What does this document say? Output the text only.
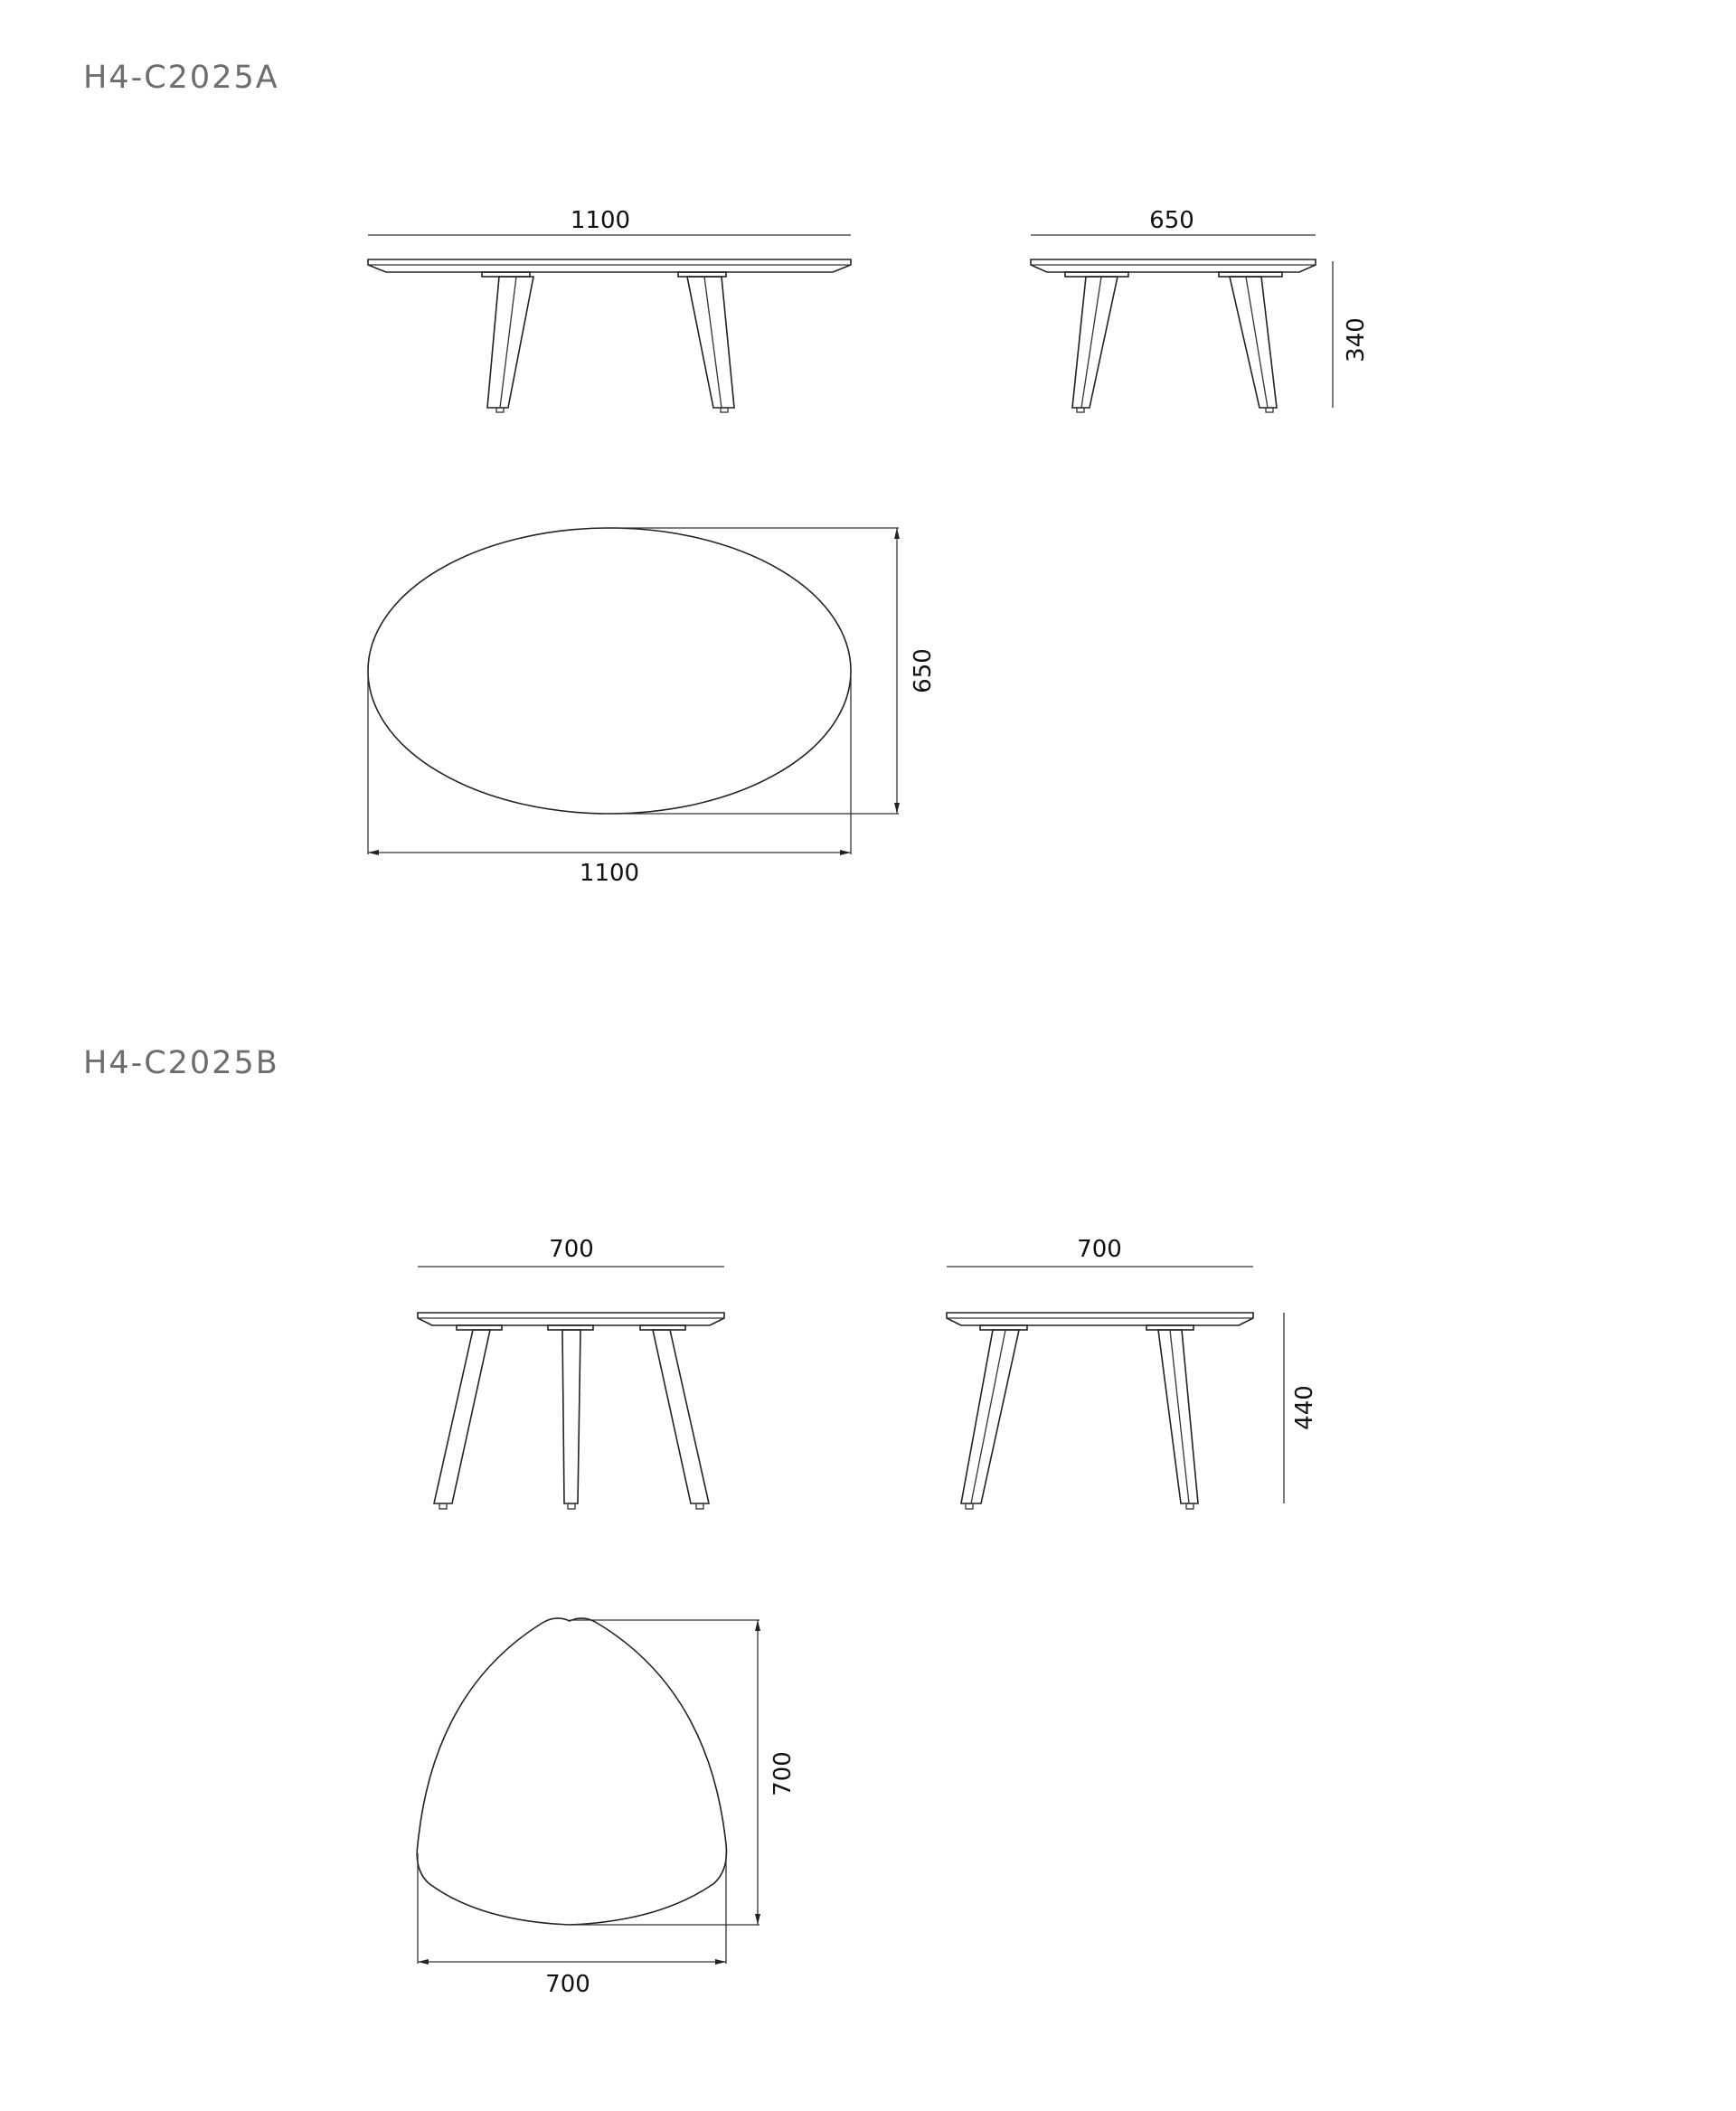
H4-C2025A
H4-C2025B
1100	650
340
650
1100
700	700
440
700
700
